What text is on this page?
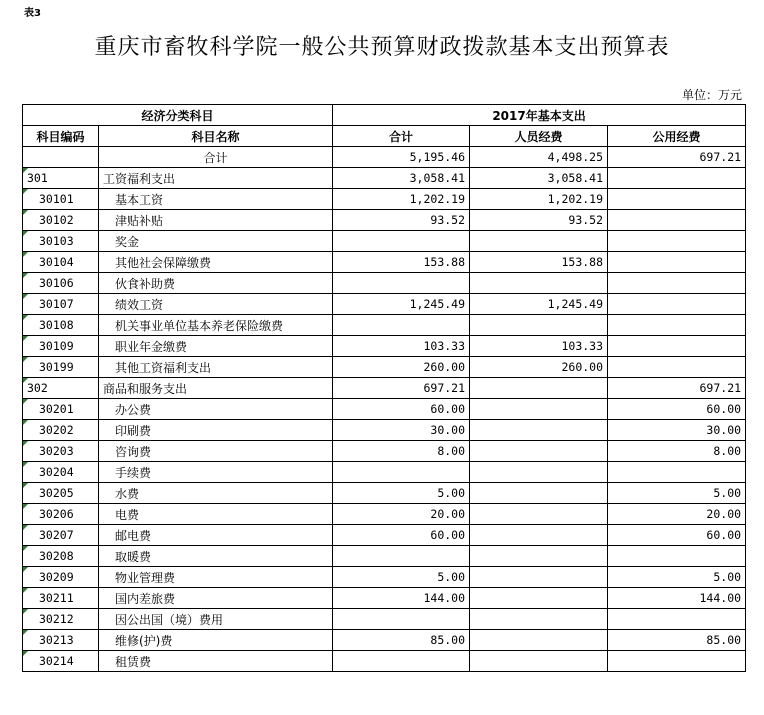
表3
重庆市畜牧科学院一般公共预算财政拨款基本支出预算表
单位：万元
经济分类科目		2017年基本支出		
科目编码	科目名称	合计	人员经费	公用经费
	合计	5,195.46	4,498.25	697.21
301	工资福利支出	3,058.41	3,058.41	
30101	基本工资	1,202.19	1,202.19	
30102	津贴补贴	93.52	93.52	
30103	奖金			
30104	其他社会保障缴费	153.88	153.88	
30106	伙食补助费			
30107	绩效工资	1,245.49	1,245.49	
30108	机关事业单位基本养老保险缴费			
30109	职业年金缴费	103.33	103.33	
30199	其他工资福利支出	260.00	260.00	
302	商品和服务支出	697.21		697.21
30201	办公费	60.00		60.00
30202	印刷费	30.00		30.00
30203	咨询费	8.00		8.00
30204	手续费			
30205	水费	5.00		5.00
30206	电费	20.00		20.00
30207	邮电费	60.00		60.00
30208	取暖费			
30209	物业管理费	5.00		5.00
30211	国内差旅费	144.00		144.00
30212	因公出国（境）费用			
30213	维修(护)费	85.00		85.00
30214	租赁费			
